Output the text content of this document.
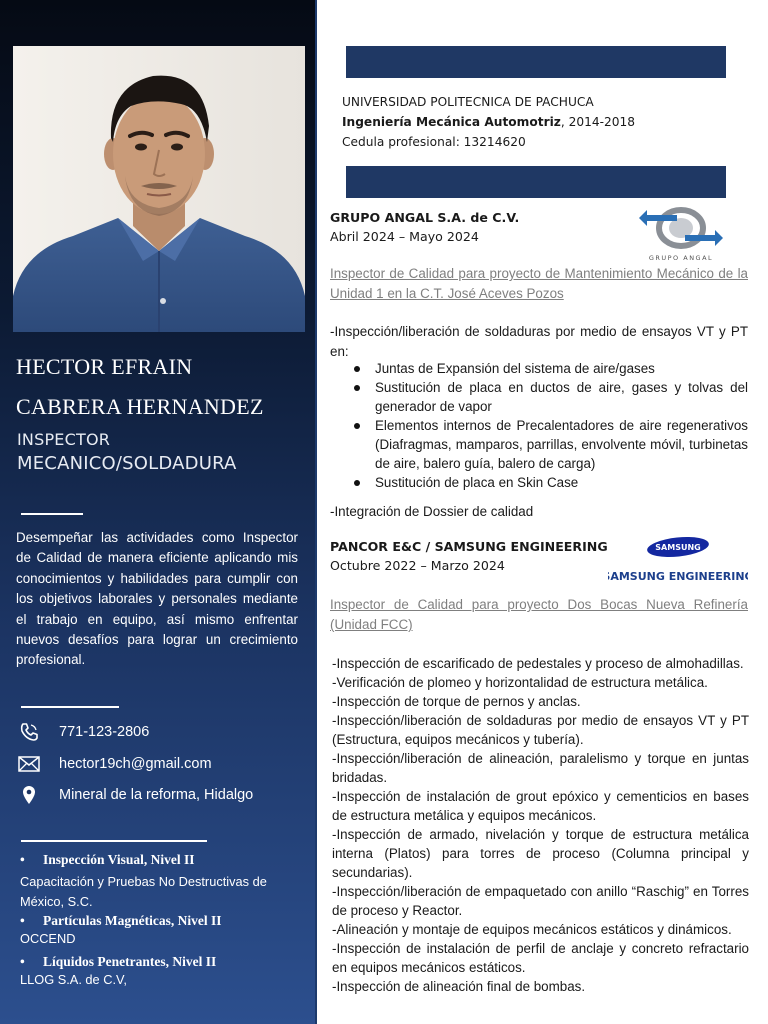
HECTOR EFRAIN
CABRERA HERNANDEZ
INSPECTOR
MECANICO/SOLDADURA
Desempeñar las actividades como Inspector de Calidad de manera eficiente aplicando mis conocimientos y habilidades para cumplir con los objetivos laborales y personales mediante el trabajo en equipo, así mismo enfrentar nuevos desafíos para lograr un crecimiento profesional.
771-123-2806
hector19ch@gmail.com
Mineral de la reforma, Hidalgo
• Inspección Visual, Nivel II
Capacitación y Pruebas No Destructivas de México, S.C.
• Partículas Magnéticas, Nivel II
OCCEND
• Líquidos Penetrantes, Nivel II
LLOG S.A. de C.V,
UNIVERSIDAD POLITECNICA DE PACHUCA
Ingeniería Mecánica Automotriz, 2014-2018
Cedula profesional: 13214620
GRUPO ANGAL S.A. de C.V.
Abril 2024 – Mayo 2024
GRUPO ANGAL
Inspector de Calidad para proyecto de Mantenimiento Mecánico de la Unidad 1 en la C.T. José Aceves Pozos
-Inspección/liberación de soldaduras por medio de ensayos VT y PT en:
Juntas de Expansión del sistema de aire/gases
Sustitución de placa en ductos de aire, gases y tolvas del generador de vapor
Elementos internos de Precalentadores de aire regenerativos (Diafragmas, mamparos, parrillas, envolvente móvil, turbinetas de aire, balero guía, balero de carga)
Sustitución de placa en Skin Case
-Integración de Dossier de calidad
PANCOR E&C / SAMSUNG ENGINEERING
Octubre 2022 – Marzo 2024
SAMSUNG
SAMSUNG ENGINEERING
Inspector de Calidad para proyecto Dos Bocas Nueva Refinería (Unidad FCC)
-Inspección de escarificado de pedestales y proceso de almohadillas.
-Verificación de plomeo y horizontalidad de estructura metálica.
-Inspección de torque de pernos y anclas.
-Inspección/liberación de soldaduras por medio de ensayos VT y PT (Estructura, equipos mecánicos y tubería).
-Inspección/liberación de alineación, paralelismo y torque en juntas bridadas.
-Inspección de instalación de grout epóxico y cementicios en bases de estructura metálica y equipos mecánicos.
-Inspección de armado, nivelación y torque de estructura metálica interna (Platos) para torres de proceso (Columna principal y secundarias).
-Inspección/liberación de empaquetado con anillo “Raschig” en Torres de proceso y Reactor.
-Alineación y montaje de equipos mecánicos estáticos y dinámicos.
-Inspección de instalación de perfil de anclaje y concreto refractario en equipos mecánicos estáticos.
-Inspección de alineación final de bombas.
